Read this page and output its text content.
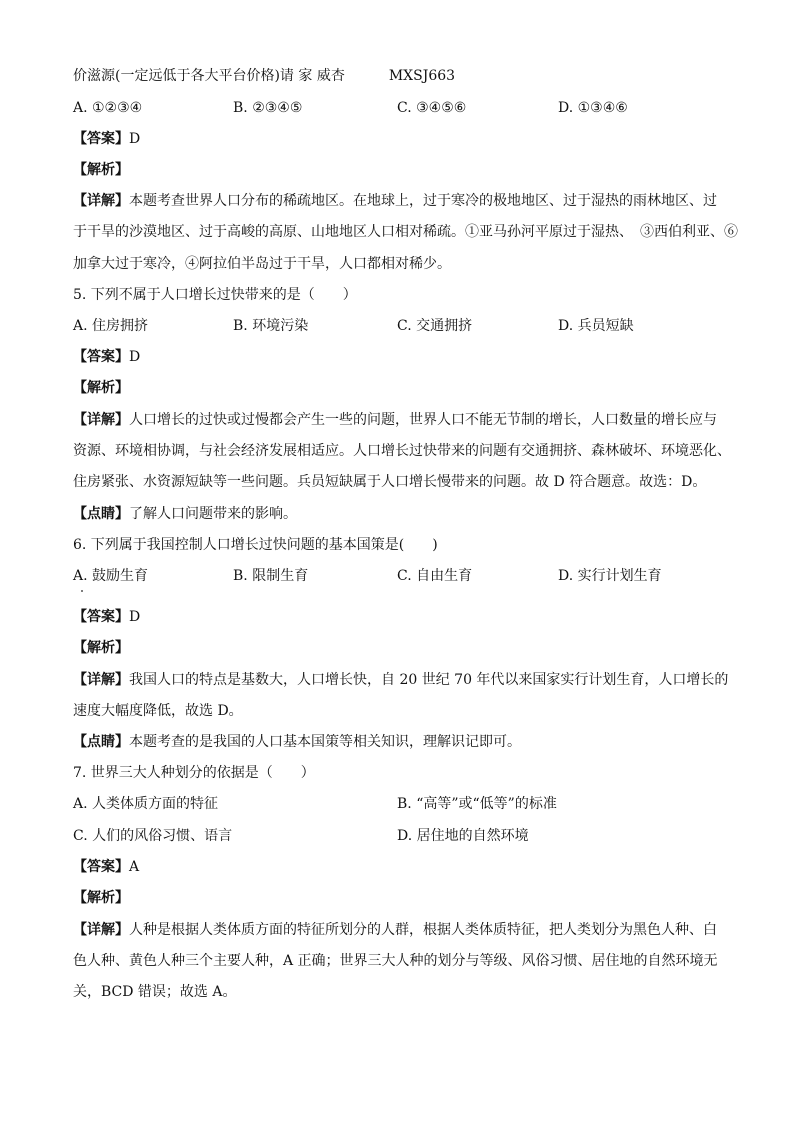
价滋源(一定远低于各大平台价格)请 家 威杏	MXSJ663
A. ①②③④	B. ②③④⑤	C. ③④⑤⑥	D. ①③④⑥
【答案】D
【解析】
【详解】本题考查世界人口分布的稀疏地区。在地球上，过于寒冷的极地地区、过于湿热的雨林地区、过
于干旱的沙漠地区、过于高峻的高原、山地地区人口相对稀疏。①亚马孙河平原过于湿热、　③西伯利亚、⑥
加拿大过于寒冷，④阿拉伯半岛过于干旱，人口都相对稀少。
5. 下列不属于人口增长过快带来的是（　　）
A. 住房拥挤	B. 环境污染	C. 交通拥挤	D. 兵员短缺
【答案】D
【解析】
【详解】人口增长的过快或过慢都会产生一些的问题，世界人口不能无节制的增长，人口数量的增长应与
资源、环境相协调，与社会经济发展相适应。人口增长过快带来的问题有交通拥挤、森林破坏、环境恶化、
住房紧张、水资源短缺等一些问题。兵员短缺属于人口增长慢带来的问题。故 D 符合题意。故选：D。
【点睛】了解人口问题带来的影响。
6. 下列属于我国控制人口增长过快问题的基本国策是(　　)
A. 鼓励生育	B. 限制生育	C. 自由生育	D. 实行计划生育
【答案】D
【解析】
【详解】我国人口的特点是基数大，人口增长快，自 20 世纪 70 年代以来国家实行计划生育，人口增长的
速度大幅度降低，故选 D。
【点睛】本题考查的是我国的人口基本国策等相关知识，理解识记即可。
7. 世界三大人种划分的依据是（　　）
A. 人类体质方面的特征	B. “高等”或“低等”的标准
C. 人们的风俗习惯、语言	D. 居住地的自然环境
【答案】A
【解析】
【详解】人种是根据人类体质方面的特征所划分的人群，根据人类体质特征，把人类划分为黑色人种、白
色人种、黄色人种三个主要人种，A 正确；世界三大人种的划分与等级、风俗习惯、居住地的自然环境无
关，BCD 错误；故选 A。
